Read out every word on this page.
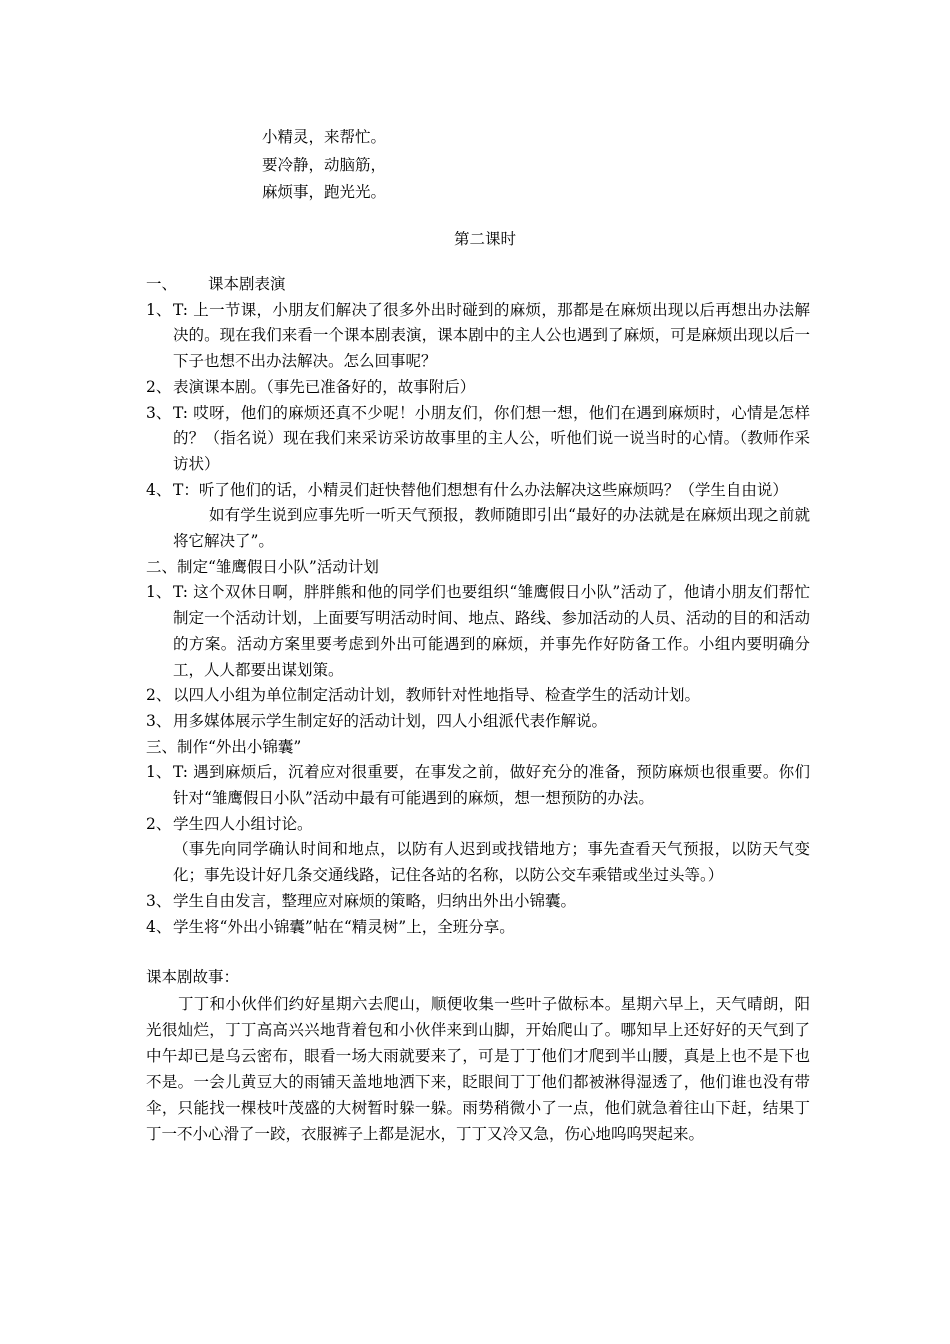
小精灵，来帮忙。
要冷静，动脑筋，
麻烦事，跑光光。
第二课时
一、	课本剧表演
1、 T: 上一节课，小朋友们解决了很多外出时碰到的麻烦，那都是在麻烦出现以后再想出办法解决的。现在我们来看一个课本剧表演，课本剧中的主人公也遇到了麻烦，可是麻烦出现以后一下子也想不出办法解决。怎么回事呢？
2、 表演课本剧。（事先已准备好的，故事附后）
3、 T: 哎呀，他们的麻烦还真不少呢！小朋友们，你们想一想，他们在遇到麻烦时，心情是怎样的？（指名说）现在我们来采访采访故事里的主人公，听他们说一说当时的心情。（教师作采访状）
4、 T：听了他们的话，小精灵们赶快替他们想想有什么办法解决这些麻烦吗？（学生自由说）
如有学生说到应事先听一听天气预报，教师随即引出“最好的办法就是在麻烦出现之前就将它解决了”。
二、制定“雏鹰假日小队”活动计划
1、 T: 这个双休日啊，胖胖熊和他的同学们也要组织“雏鹰假日小队”活动了，他请小朋友们帮忙制定一个活动计划，上面要写明活动时间、地点、路线、参加活动的人员、活动的目的和活动的方案。活动方案里要考虑到外出可能遇到的麻烦，并事先作好防备工作。小组内要明确分工，人人都要出谋划策。
2、 以四人小组为单位制定活动计划，教师针对性地指导、检查学生的活动计划。
3、 用多媒体展示学生制定好的活动计划，四人小组派代表作解说。
三、制作“外出小锦囊”
1、 T: 遇到麻烦后，沉着应对很重要，在事发之前，做好充分的准备，预防麻烦也很重要。你们针对“雏鹰假日小队”活动中最有可能遇到的麻烦，想一想预防的办法。
2、 学生四人小组讨论。
（事先向同学确认时间和地点，以防有人迟到或找错地方；事先查看天气预报，以防天气变化；事先设计好几条交通线路，记住各站的名称，以防公交车乘错或坐过头等。）
3、 学生自由发言，整理应对麻烦的策略，归纳出外出小锦囊。
4、 学生将“外出小锦囊”帖在“精灵树”上，全班分享。
课本剧故事：
丁丁和小伙伴们约好星期六去爬山，顺便收集一些叶子做标本。星期六早上，天气晴朗，阳光很灿烂，丁丁高高兴兴地背着包和小伙伴来到山脚，开始爬山了。哪知早上还好好的天气到了中午却已是乌云密布，眼看一场大雨就要来了，可是丁丁他们才爬到半山腰，真是上也不是下也不是。一会儿黄豆大的雨铺天盖地地洒下来，眨眼间丁丁他们都被淋得湿透了，他们谁也没有带伞，只能找一棵枝叶茂盛的大树暂时躲一躲。雨势稍微小了一点，他们就急着往山下赶，结果丁丁一不小心滑了一跤，衣服裤子上都是泥水，丁丁又冷又急，伤心地呜呜哭起来。
